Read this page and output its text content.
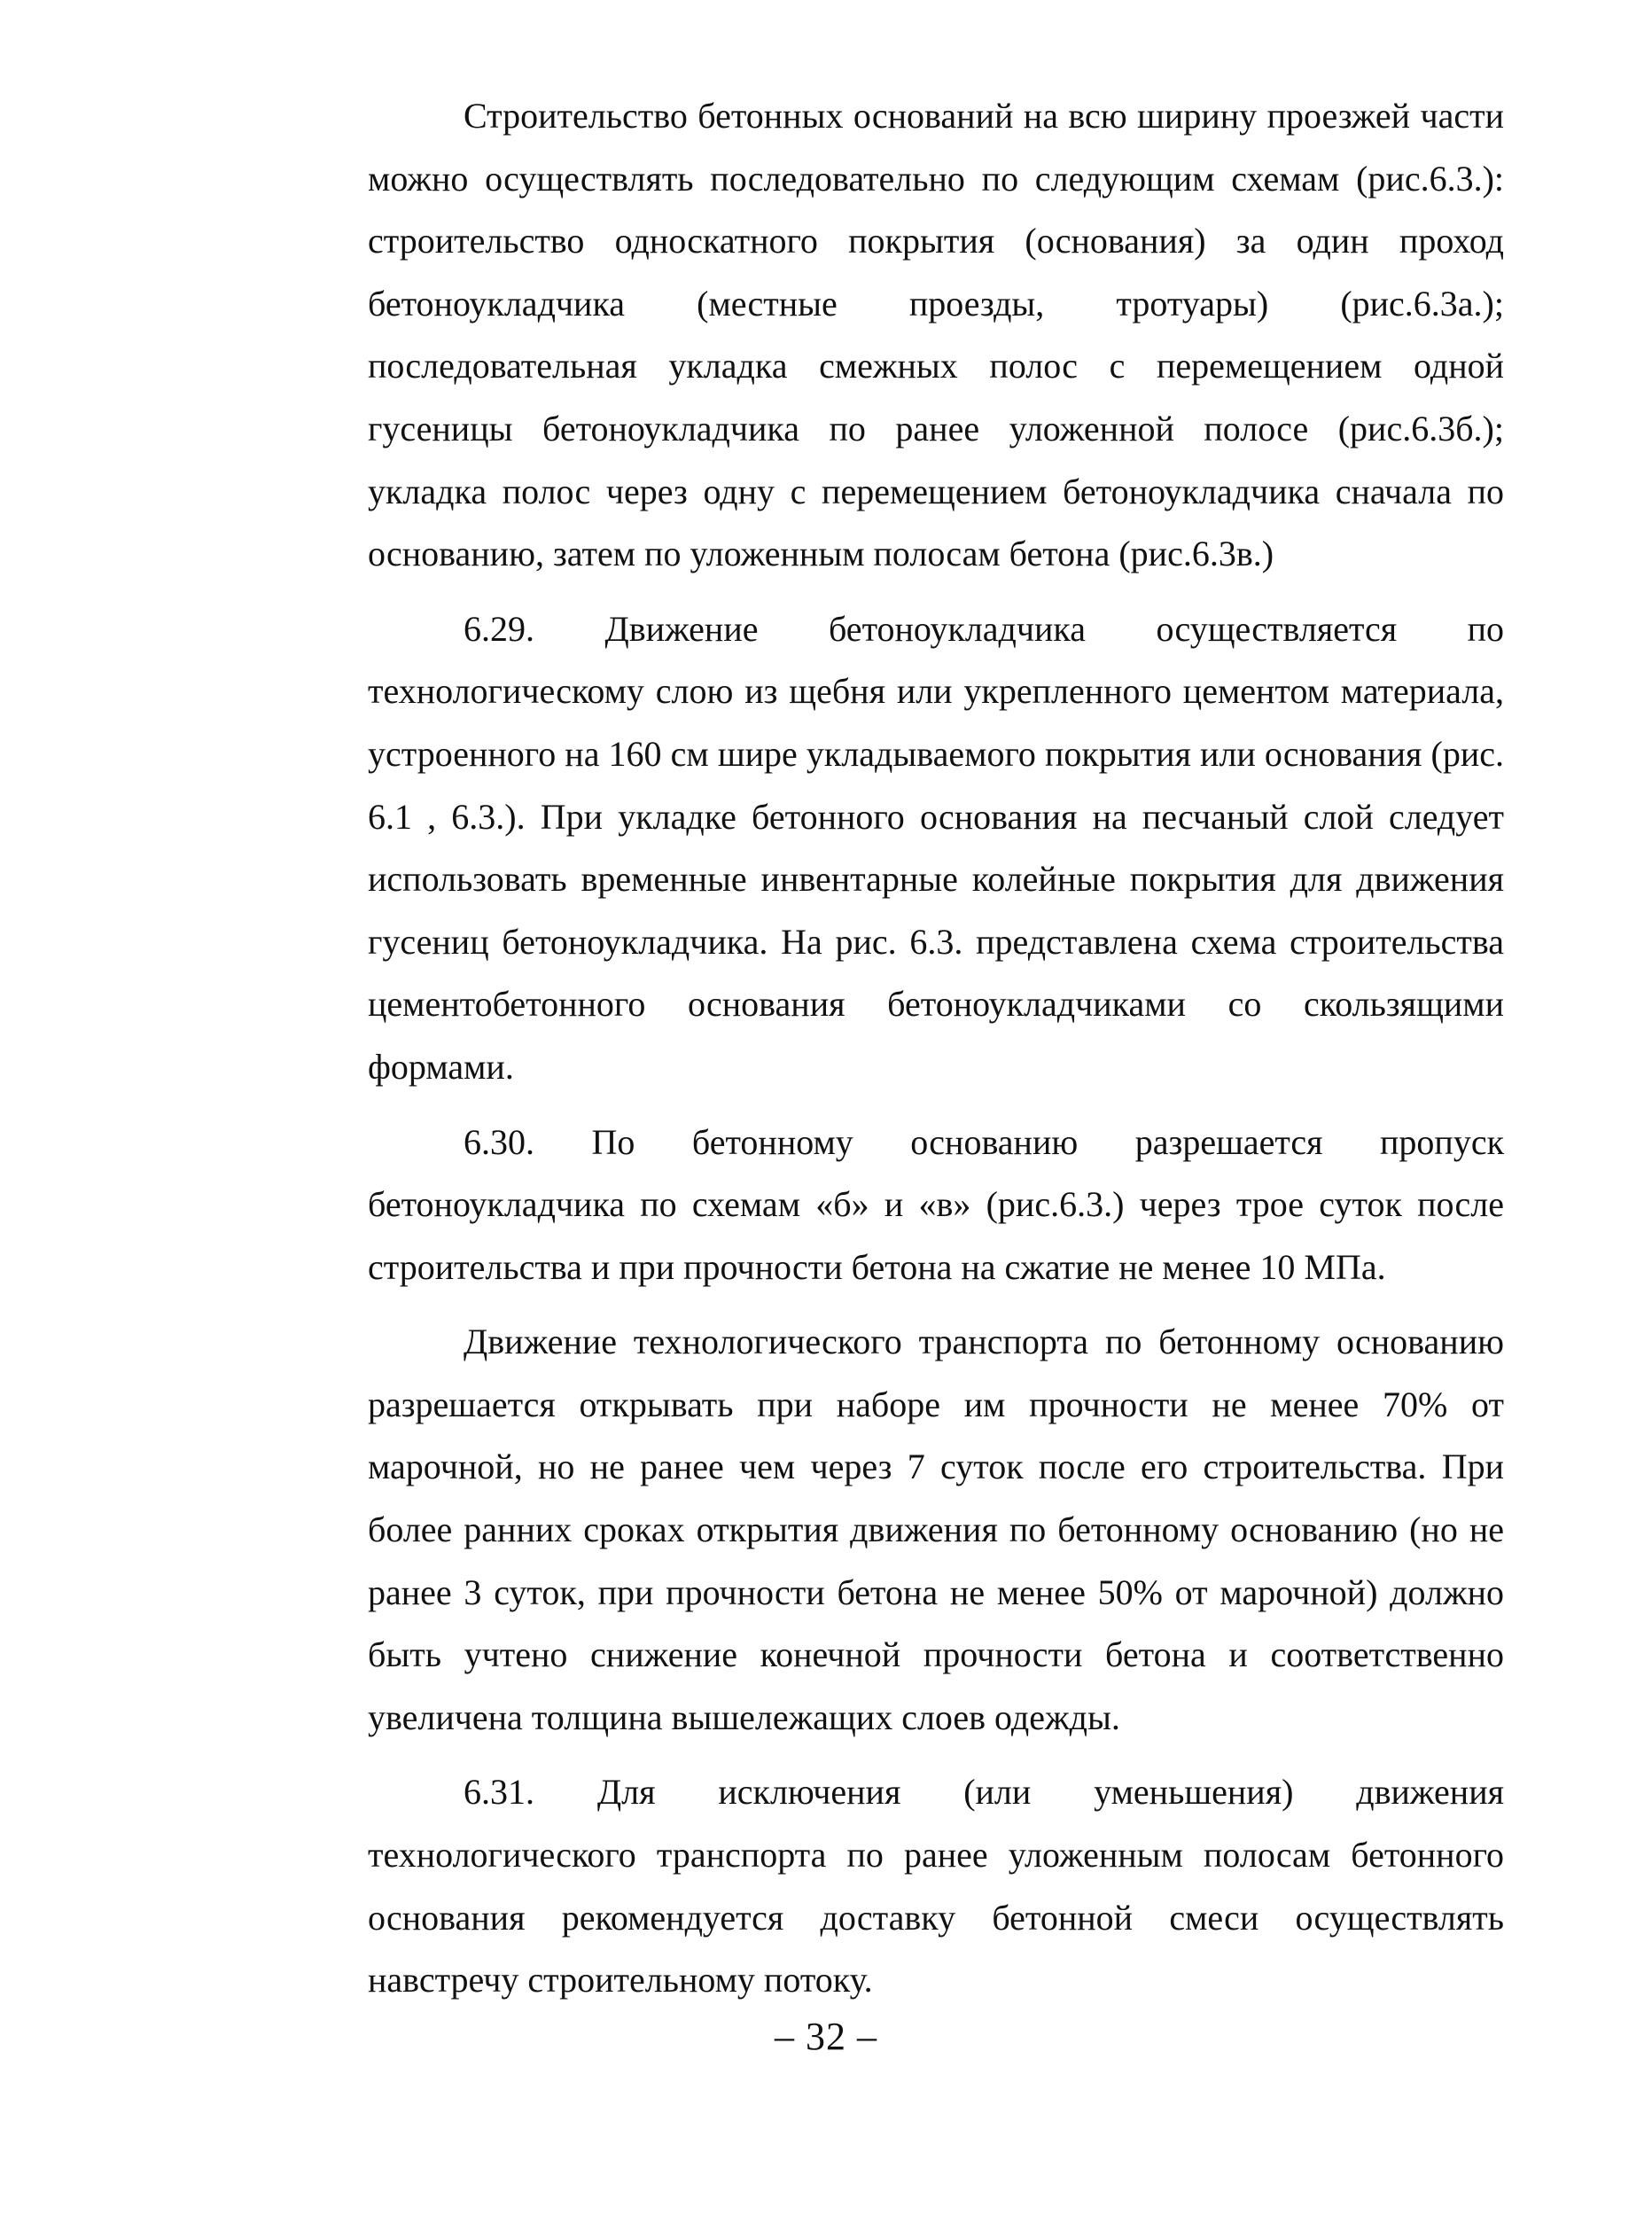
Строительство бетонных оснований на всю ширину проезжей части можно осуществлять последовательно по следующим схемам (рис.6.3.): строительство односкатного покрытия (основания) за один проход бетоноукладчика (местные проезды, тротуары) (рис.6.3а.); последовательная укладка смежных полос с перемещением одной гусеницы бетоноукладчика по ранее уложенной полосе (рис.6.3б.); укладка полос через одну с перемещением бетоноукладчика сначала по основанию, затем по уложенным полосам бетона (рис.6.3в.)

6.29. Движение бетоноукладчика осуществляется по технологическому слою из щебня или укрепленного цементом материала, устроенного на 160 см шире укладываемого покрытия или основания (рис. 6.1 , 6.3.). При укладке бетонного основания на песчаный слой следует использовать временные инвентарные колейные покрытия для движения гусениц бетоноукладчика. На рис. 6.3. представлена схема строительства цементобетонного основания бетоноукладчиками со скользящими формами.

6.30. По бетонному основанию разрешается пропуск бетоноукладчика по схемам «б» и «в» (рис.6.3.) через трое суток после строительства и при прочности бетона на сжатие не менее 10 МПа.

Движение технологического транспорта по бетонному основанию разрешается открывать при наборе им прочности не менее 70% от марочной, но не ранее чем через 7 суток после его строительства. При более ранних сроках открытия движения по бетонному основанию (но не ранее 3 суток, при прочности бетона не менее 50% от марочной) должно быть учтено снижение конечной прочности бетона и соответственно увеличена толщина вышележащих слоев одежды.

6.31. Для исключения (или уменьшения) движения технологического транспорта по ранее уложенным полосам бетонного основания рекомендуется доставку бетонной смеси осуществлять навстречу строительному потоку.

– 32 –
